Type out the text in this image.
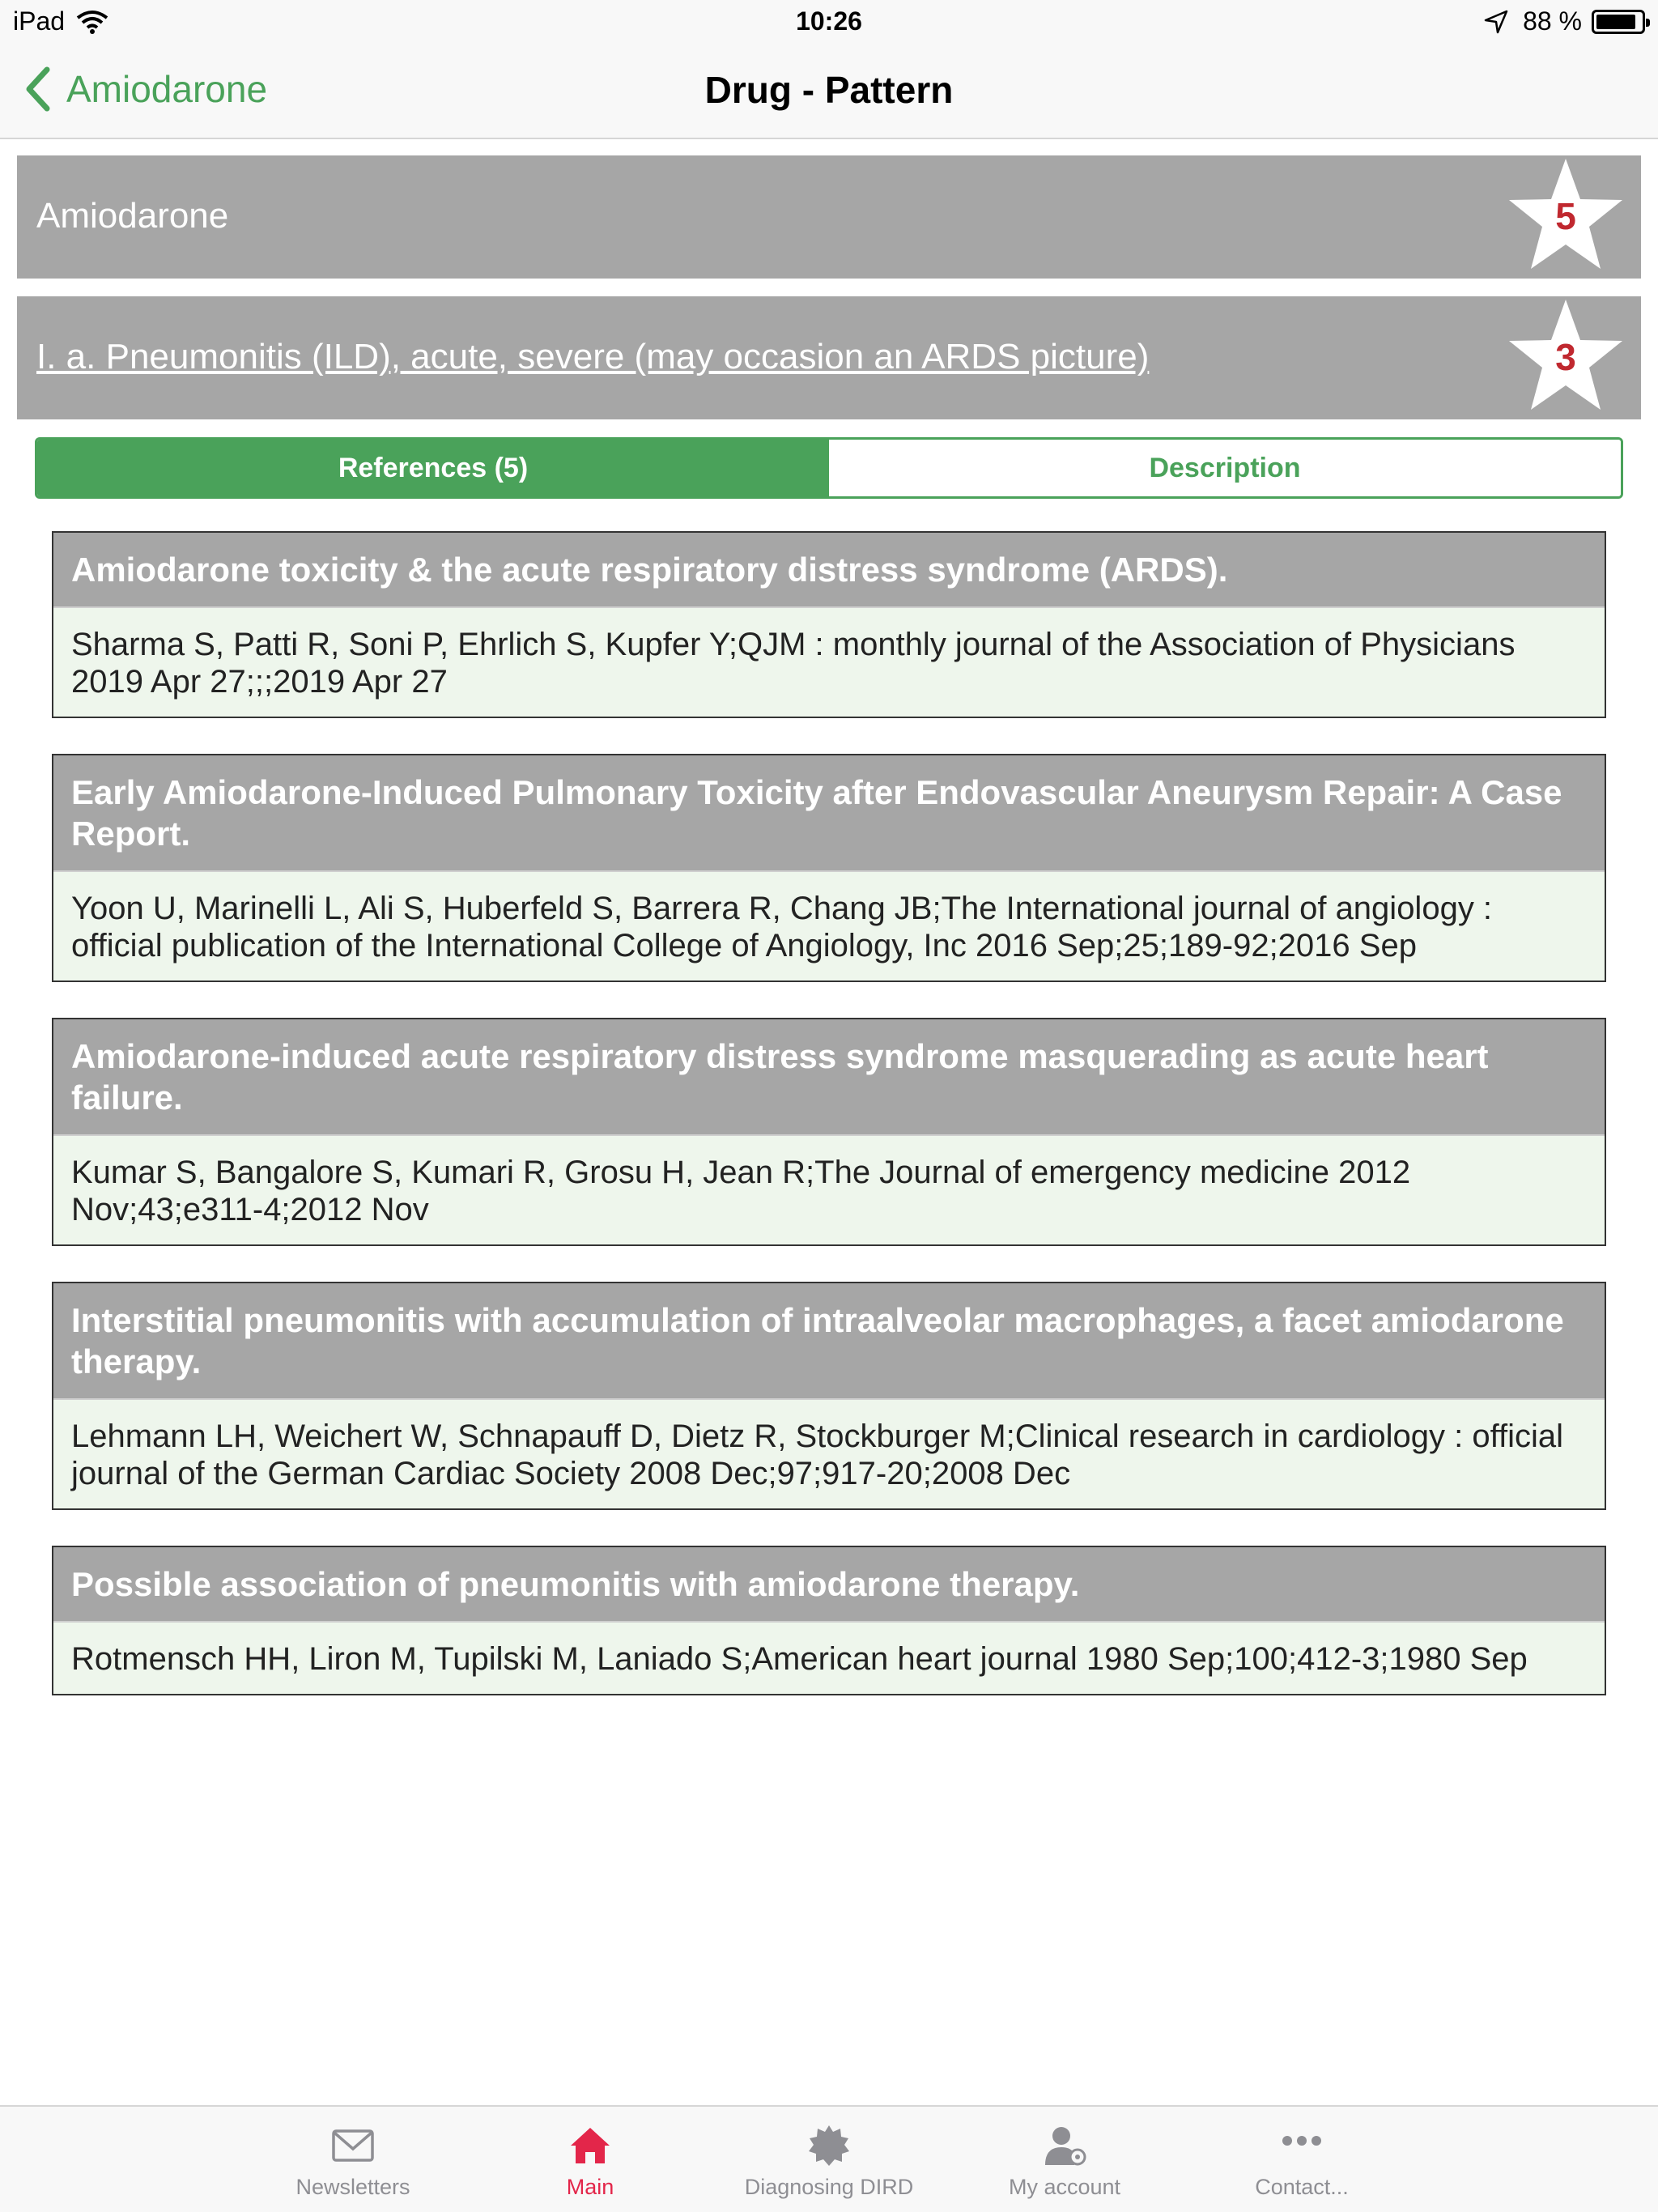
iPad	10:26	88 %
Amiodarone	Drug - Pattern
Amiodarone	5
I. a. Pneumonitis (ILD), acute, severe (may occasion an ARDS picture)	3
References (5)	Description
Amiodarone toxicity & the acute respiratory distress syndrome (ARDS).
Sharma S, Patti R, Soni P, Ehrlich S, Kupfer Y;QJM : monthly journal of the Association of Physicians 2019 Apr 27;;;2019 Apr 27
Early Amiodarone-Induced Pulmonary Toxicity after Endovascular Aneurysm Repair: A Case Report.
Yoon U, Marinelli L, Ali S, Huberfeld S, Barrera R, Chang JB;The International journal of angiology : official publication of the International College of Angiology, Inc 2016 Sep;25;189-92;2016 Sep
Amiodarone-induced acute respiratory distress syndrome masquerading as acute heart failure.
Kumar S, Bangalore S, Kumari R, Grosu H, Jean R;The Journal of emergency medicine 2012 Nov;43;e311-4;2012 Nov
Interstitial pneumonitis with accumulation of intraalveolar macrophages, a facet amiodarone therapy.
Lehmann LH, Weichert W, Schnapauff D, Dietz R, Stockburger M;Clinical research in cardiology : official journal of the German Cardiac Society 2008 Dec;97;917-20;2008 Dec
Possible association of pneumonitis with amiodarone therapy.
Rotmensch HH, Liron M, Tupilski M, Laniado S;American heart journal 1980 Sep;100;412-3;1980 Sep
Newsletters	Main	Diagnosing DIRD	My account	Contact...
